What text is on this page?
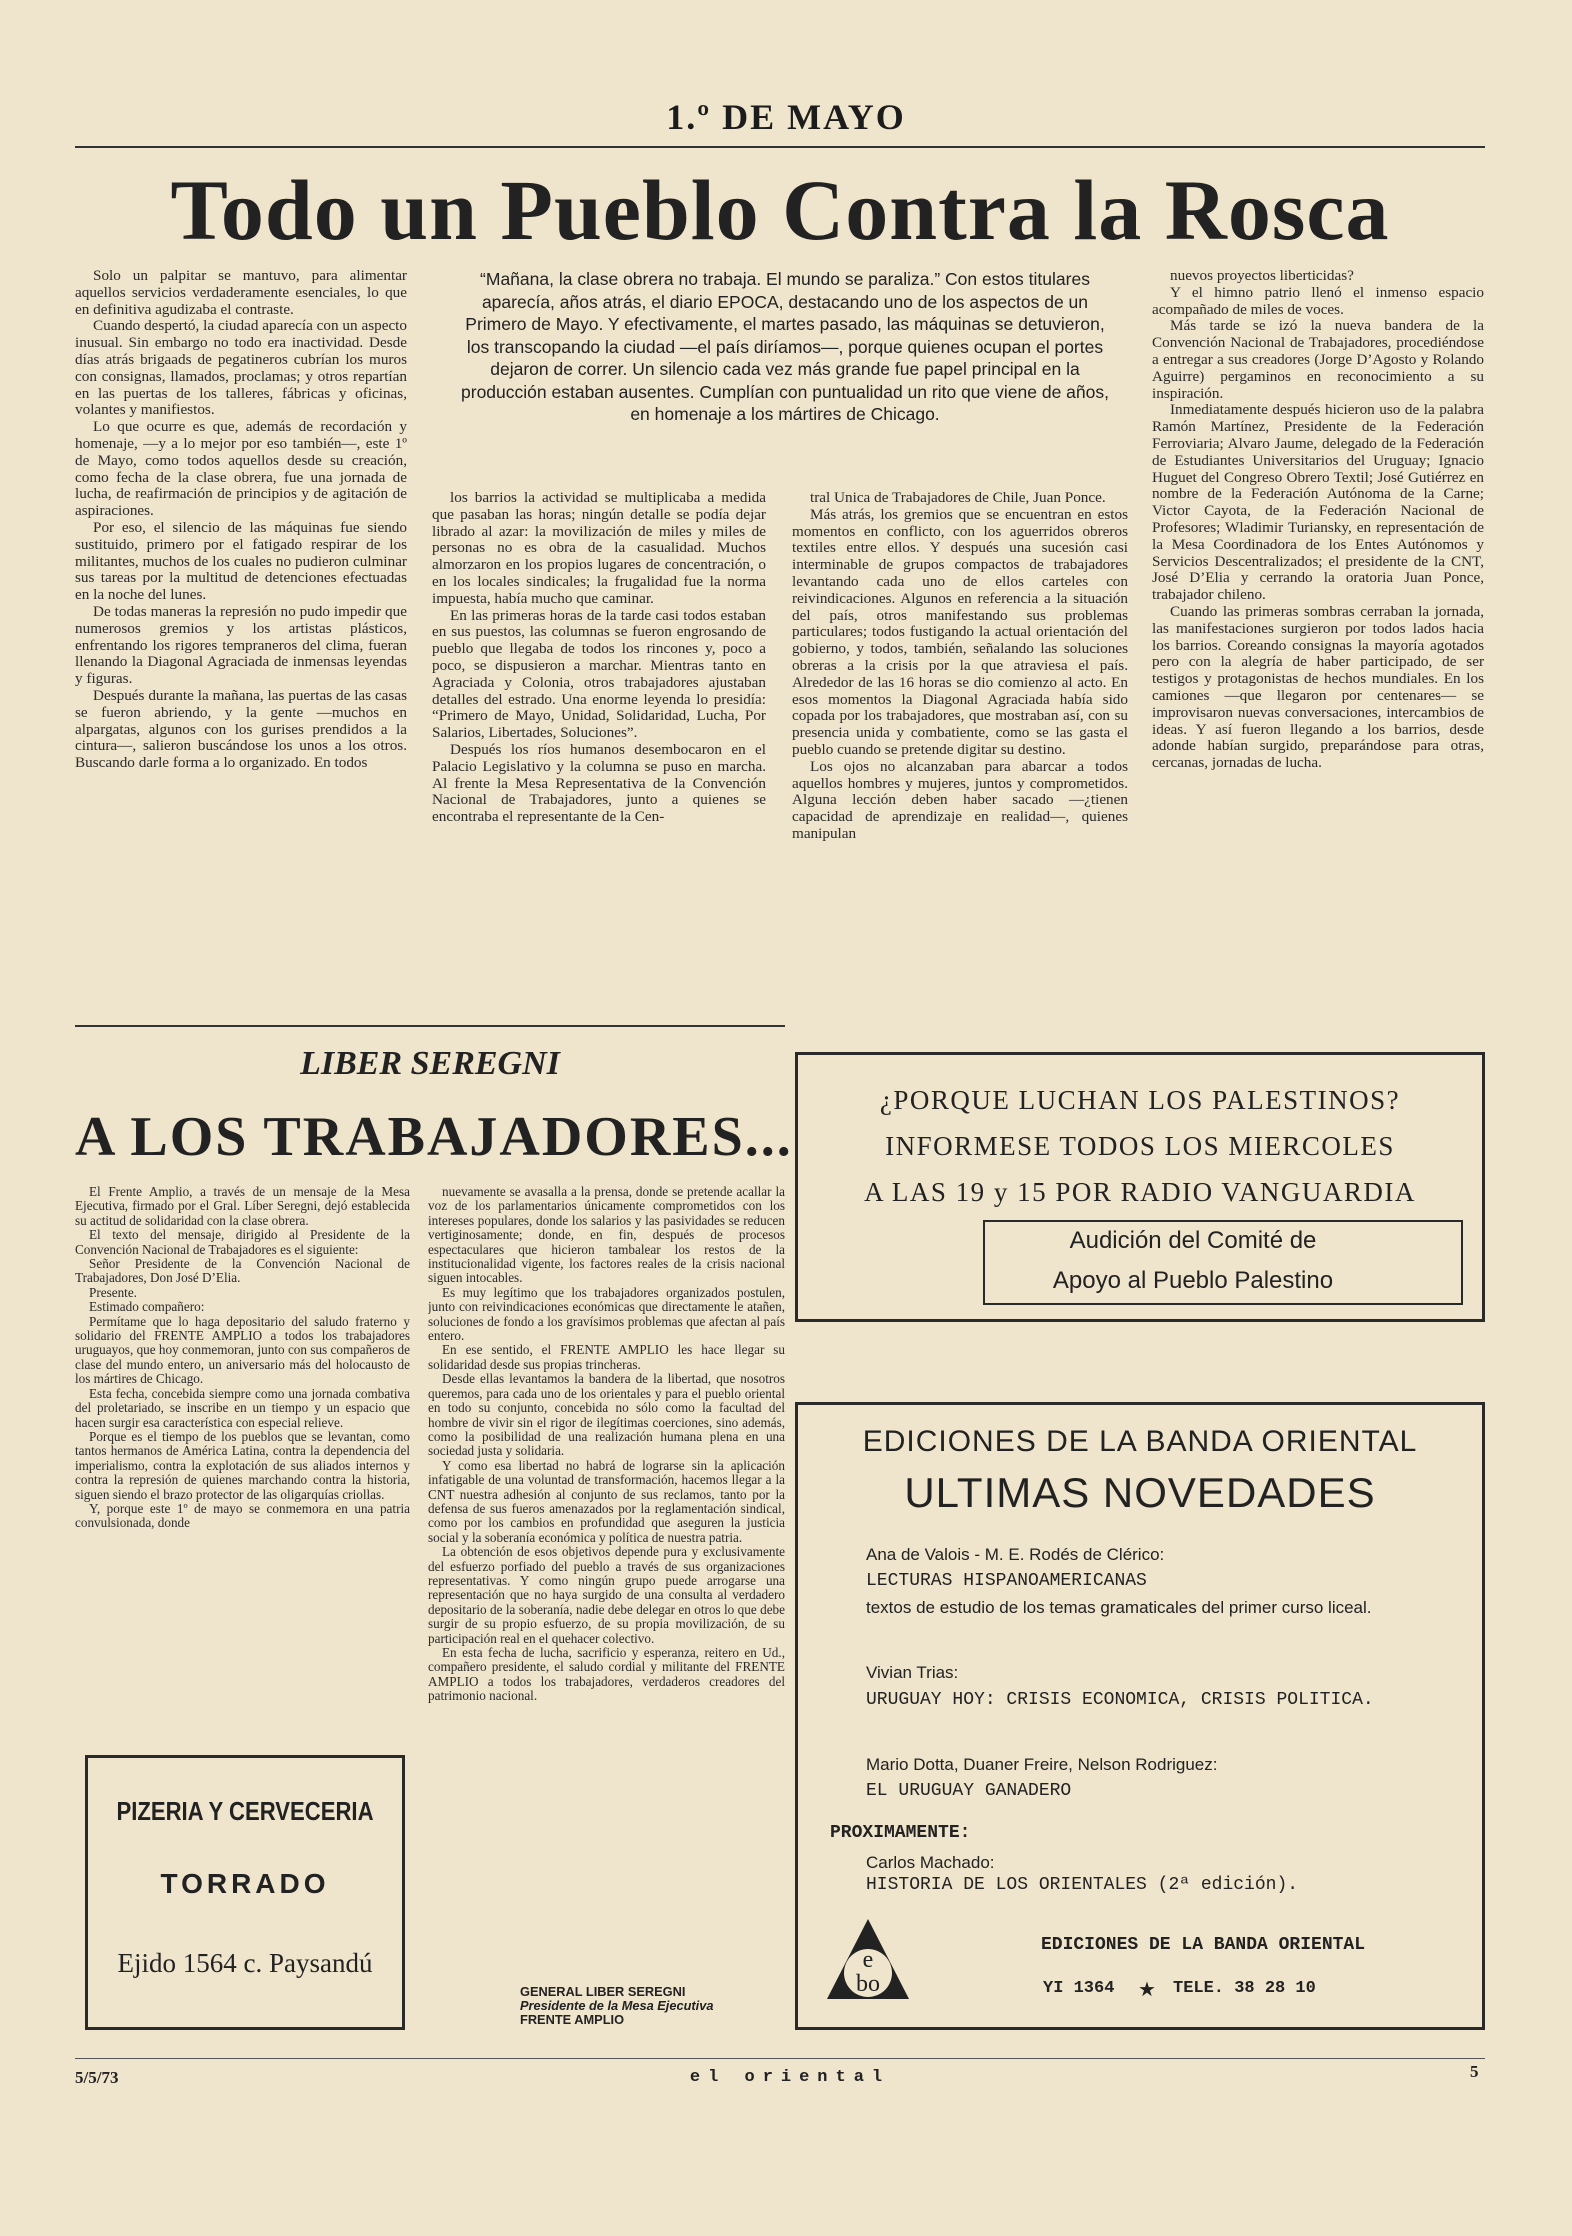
1.º DE MAYO
Todo un Pueblo Contra la Rosca
“Mañana, la clase obrera no trabaja. El mundo se paraliza.” Con estos titulares aparecía, años atrás, el diario EPOCA, destacando uno de los aspectos de un Primero de Mayo. Y efectivamente, el martes pasado, las máquinas se detuvieron, los transcopando la ciudad —el país diríamos—, porque quienes ocupan el portes dejaron de correr. Un silencio cada vez más grande fue papel principal en la producción estaban ausentes. Cumplían con puntualidad un rito que viene de años, en homenaje a los mártires de Chicago.

Solo un palpitar se mantuvo, para alimentar aquellos servicios verdaderamente esenciales, lo que en definitiva agudizaba el contraste.

Cuando despertó, la ciudad aparecía con un aspecto inusual. Sin embargo no todo era inactividad. Desde días atrás brigaads de pegatineros cubrían los muros con consignas, llamados, proclamas; y otros repartían en las puertas de los talleres, fábricas y oficinas, volantes y manifiestos.

Lo que ocurre es que, además de recordación y homenaje, —y a lo mejor por eso también—, este 1º de Mayo, como todos aquellos desde su creación, como fecha de la clase obrera, fue una jornada de lucha, de reafirmación de principios y de agitación de aspiraciones.

Por eso, el silencio de las máquinas fue siendo sustituido, primero por el fatigado respirar de los militantes, muchos de los cuales no pudieron culminar sus tareas por la multitud de detenciones efectuadas en la noche del lunes.

De todas maneras la represión no pudo impedir que numerosos gremios y los artistas plásticos, enfrentando los rigores tempraneros del clima, fueran llenando la Diagonal Agraciada de inmensas leyendas y figuras.

Después durante la mañana, las puertas de las casas se fueron abriendo, y la gente —muchos en alpargatas, algunos con los gurises prendidos a la cintura—, salieron buscándose los unos a los otros. Buscando darle forma a lo organizado. En todos

los barrios la actividad se multiplicaba a medida que pasaban las horas; ningún detalle se podía dejar librado al azar: la movilización de miles y miles de personas no es obra de la casualidad. Muchos almorzaron en los propios lugares de concentración, o en los locales sindicales; la frugalidad fue la norma impuesta, había mucho que caminar.

En las primeras horas de la tarde casi todos estaban en sus puestos, las columnas se fueron engrosando de pueblo que llegaba de todos los rincones y, poco a poco, se dispusieron a marchar. Mientras tanto en Agraciada y Colonia, otros trabajadores ajustaban detalles del estrado. Una enorme leyenda lo presidía: “Primero de Mayo, Unidad, Solidaridad, Lucha, Por Salarios, Libertades, Soluciones”.

Después los ríos humanos desembocaron en el Palacio Legislativo y la columna se puso en marcha. Al frente la Mesa Representativa de la Convención Nacional de Trabajadores, junto a quienes se encontraba el representante de la Cen-

tral Unica de Trabajadores de Chile, Juan Ponce.

Más atrás, los gremios que se encuentran en estos momentos en conflicto, con los aguerridos obreros textiles entre ellos. Y después una sucesión casi interminable de grupos compactos de trabajadores levantando cada uno de ellos carteles con reivindicaciones. Algunos en referencia a la situación del país, otros manifestando sus problemas particulares; todos fustigando la actual orientación del gobierno, y todos, también, señalando las soluciones obreras a la crisis por la que atraviesa el país. Alrededor de las 16 horas se dio comienzo al acto. En esos momentos la Diagonal Agraciada había sido copada por los trabajadores, que mostraban así, con su presencia unida y combatiente, como se las gasta el pueblo cuando se pretende digitar su destino.

Los ojos no alcanzaban para abarcar a todos aquellos hombres y mujeres, juntos y comprometidos. Alguna lección deben haber sacado —¿tienen capacidad de aprendizaje en realidad—, quienes manipulan

nuevos proyectos liberticidas?

Y el himno patrio llenó el inmenso espacio acompañado de miles de voces.

Más tarde se izó la nueva bandera de la Convención Nacional de Trabajadores, procediéndose a entregar a sus creadores (Jorge D’Agosto y Rolando Aguirre) pergaminos en reconocimiento a su inspiración.

Inmediatamente después hicieron uso de la palabra Ramón Martínez, Presidente de la Federación Ferroviaria; Alvaro Jaume, delegado de la Federación de Estudiantes Universitarios del Uruguay; Ignacio Huguet del Congreso Obrero Textil; José Gutiérrez en nombre de la Federación Autónoma de la Carne; Victor Cayota, de la Federación Nacional de Profesores; Wladimir Turiansky, en representación de la Mesa Coordinadora de los Entes Autónomos y Servicios Descentralizados; el presidente de la CNT, José D’Elia y cerrando la oratoria Juan Ponce, trabajador chileno.

Cuando las primeras sombras cerraban la jornada, las manifestaciones surgieron por todos lados hacia los barrios. Coreando consignas la mayoría agotados pero con la alegría de haber participado, de ser testigos y protagonistas de hechos mundiales. En los camiones —que llegaron por centenares— se improvisaron nuevas conversaciones, intercambios de ideas. Y así fueron llegando a los barrios, desde adonde habían surgido, preparándose para otras, cercanas, jornadas de lucha.

LIBER SEREGNI
A LOS TRABAJADORES...

El Frente Amplio, a través de un mensaje de la Mesa Ejecutiva, firmado por el Gral. Líber Seregni, dejó establecida su actitud de solidaridad con la clase obrera.

El texto del mensaje, dirigido al Presidente de la Convención Nacional de Trabajadores es el siguiente:

Señor Presidente de la Convención Nacional de Trabajadores, Don José D’Elia.

Presente.

Estimado compañero:

Permítame que lo haga depositario del saludo fraterno y solidario del FRENTE AMPLIO a todos los trabajadores uruguayos, que hoy conmemoran, junto con sus compañeros de clase del mundo entero, un aniversario más del holocausto de los mártires de Chicago.

Esta fecha, concebida siempre como una jornada combativa del proletariado, se inscribe en un tiempo y un espacio que hacen surgir esa característica con especial relieve.

Porque es el tiempo de los pueblos que se levantan, como tantos hermanos de América Latina, contra la dependencia del imperialismo, contra la explotación de sus aliados internos y contra la represión de quienes marchando contra la historia, siguen siendo el brazo protector de las oligarquías criollas.

Y, porque este 1º de mayo se conmemora en una patria convulsionada, donde

nuevamente se avasalla a la prensa, donde se pretende acallar la voz de los parlamentarios únicamente comprometidos con los intereses populares, donde los salarios y las pasividades se reducen vertiginosamente; donde, en fin, después de procesos espectaculares que hicieron tambalear los restos de la institucionalidad vigente, los factores reales de la crisis nacional siguen intocables.

Es muy legítimo que los trabajadores organizados postulen, junto con reivindicaciones económicas que directamente le atañen, soluciones de fondo a los gravísimos problemas que afectan al país entero.

En ese sentido, el FRENTE AMPLIO les hace llegar su solidaridad desde sus propias trincheras.

Desde ellas levantamos la bandera de la libertad, que nosotros queremos, para cada uno de los orientales y para el pueblo oriental en todo su conjunto, concebida no sólo como la facultad del hombre de vivir sin el rigor de ilegítimas coerciones, sino además, como la posibilidad de una realización humana plena en una sociedad justa y solidaria.

Y como esa libertad no habrá de lograrse sin la aplicación infatigable de una voluntad de transformación, hacemos llegar a la CNT nuestra adhesión al conjunto de sus reclamos, tanto por la defensa de sus fueros amenazados por la reglamentación sindical, como por los cambios en profundidad que aseguren la justicia social y la soberanía económica y política de nuestra patria.

La obtención de esos objetivos depende pura y exclusivamente del esfuerzo porfiado del pueblo a través de sus organizaciones representativas. Y como ningún grupo puede arrogarse una representación que no haya surgido de una consulta al verdadero depositario de la soberanía, nadie debe delegar en otros lo que debe surgir de su propio esfuerzo, de su propia movilización, de su participación real en el quehacer colectivo.

En esta fecha de lucha, sacrificio y esperanza, reitero en Ud., compañero presidente, el saludo cordial y militante del FRENTE AMPLIO a todos los trabajadores, verdaderos creadores del patrimonio nacional.

GENERAL LIBER SEREGNI
Presidente de la Mesa Ejecutiva
FRENTE AMPLIO
PIZERIA Y CERVECERIA
TORRADO
Ejido 1564 c. Paysandú
¿PORQUE LUCHAN LOS PALESTINOS?
INFORMESE TODOS LOS MIERCOLES
A LAS 19 y 15 POR RADIO VANGUARDIA
Audición del Comité de
Apoyo al Pueblo Palestino
EDICIONES DE LA BANDA ORIENTAL
ULTIMAS NOVEDADES
Ana de Valois - M. E. Rodés de Clérico:
LECTURAS HISPANOAMERICANAS
textos de estudio de los temas gramaticales del primer curso liceal.
Vivian Trias:
URUGUAY HOY: CRISIS ECONOMICA, CRISIS POLITICA.
Mario Dotta, Duaner Freire, Nelson Rodriguez:
EL URUGUAY GANADERO
PROXIMAMENTE:
Carlos Machado:
HISTORIA DE LOS ORIENTALES (2ª edición).
e
bo
EDICIONES DE LA BANDA ORIENTAL
YI 1364	★	TELE. 38 28 10
5/5/73	el oriental	5
